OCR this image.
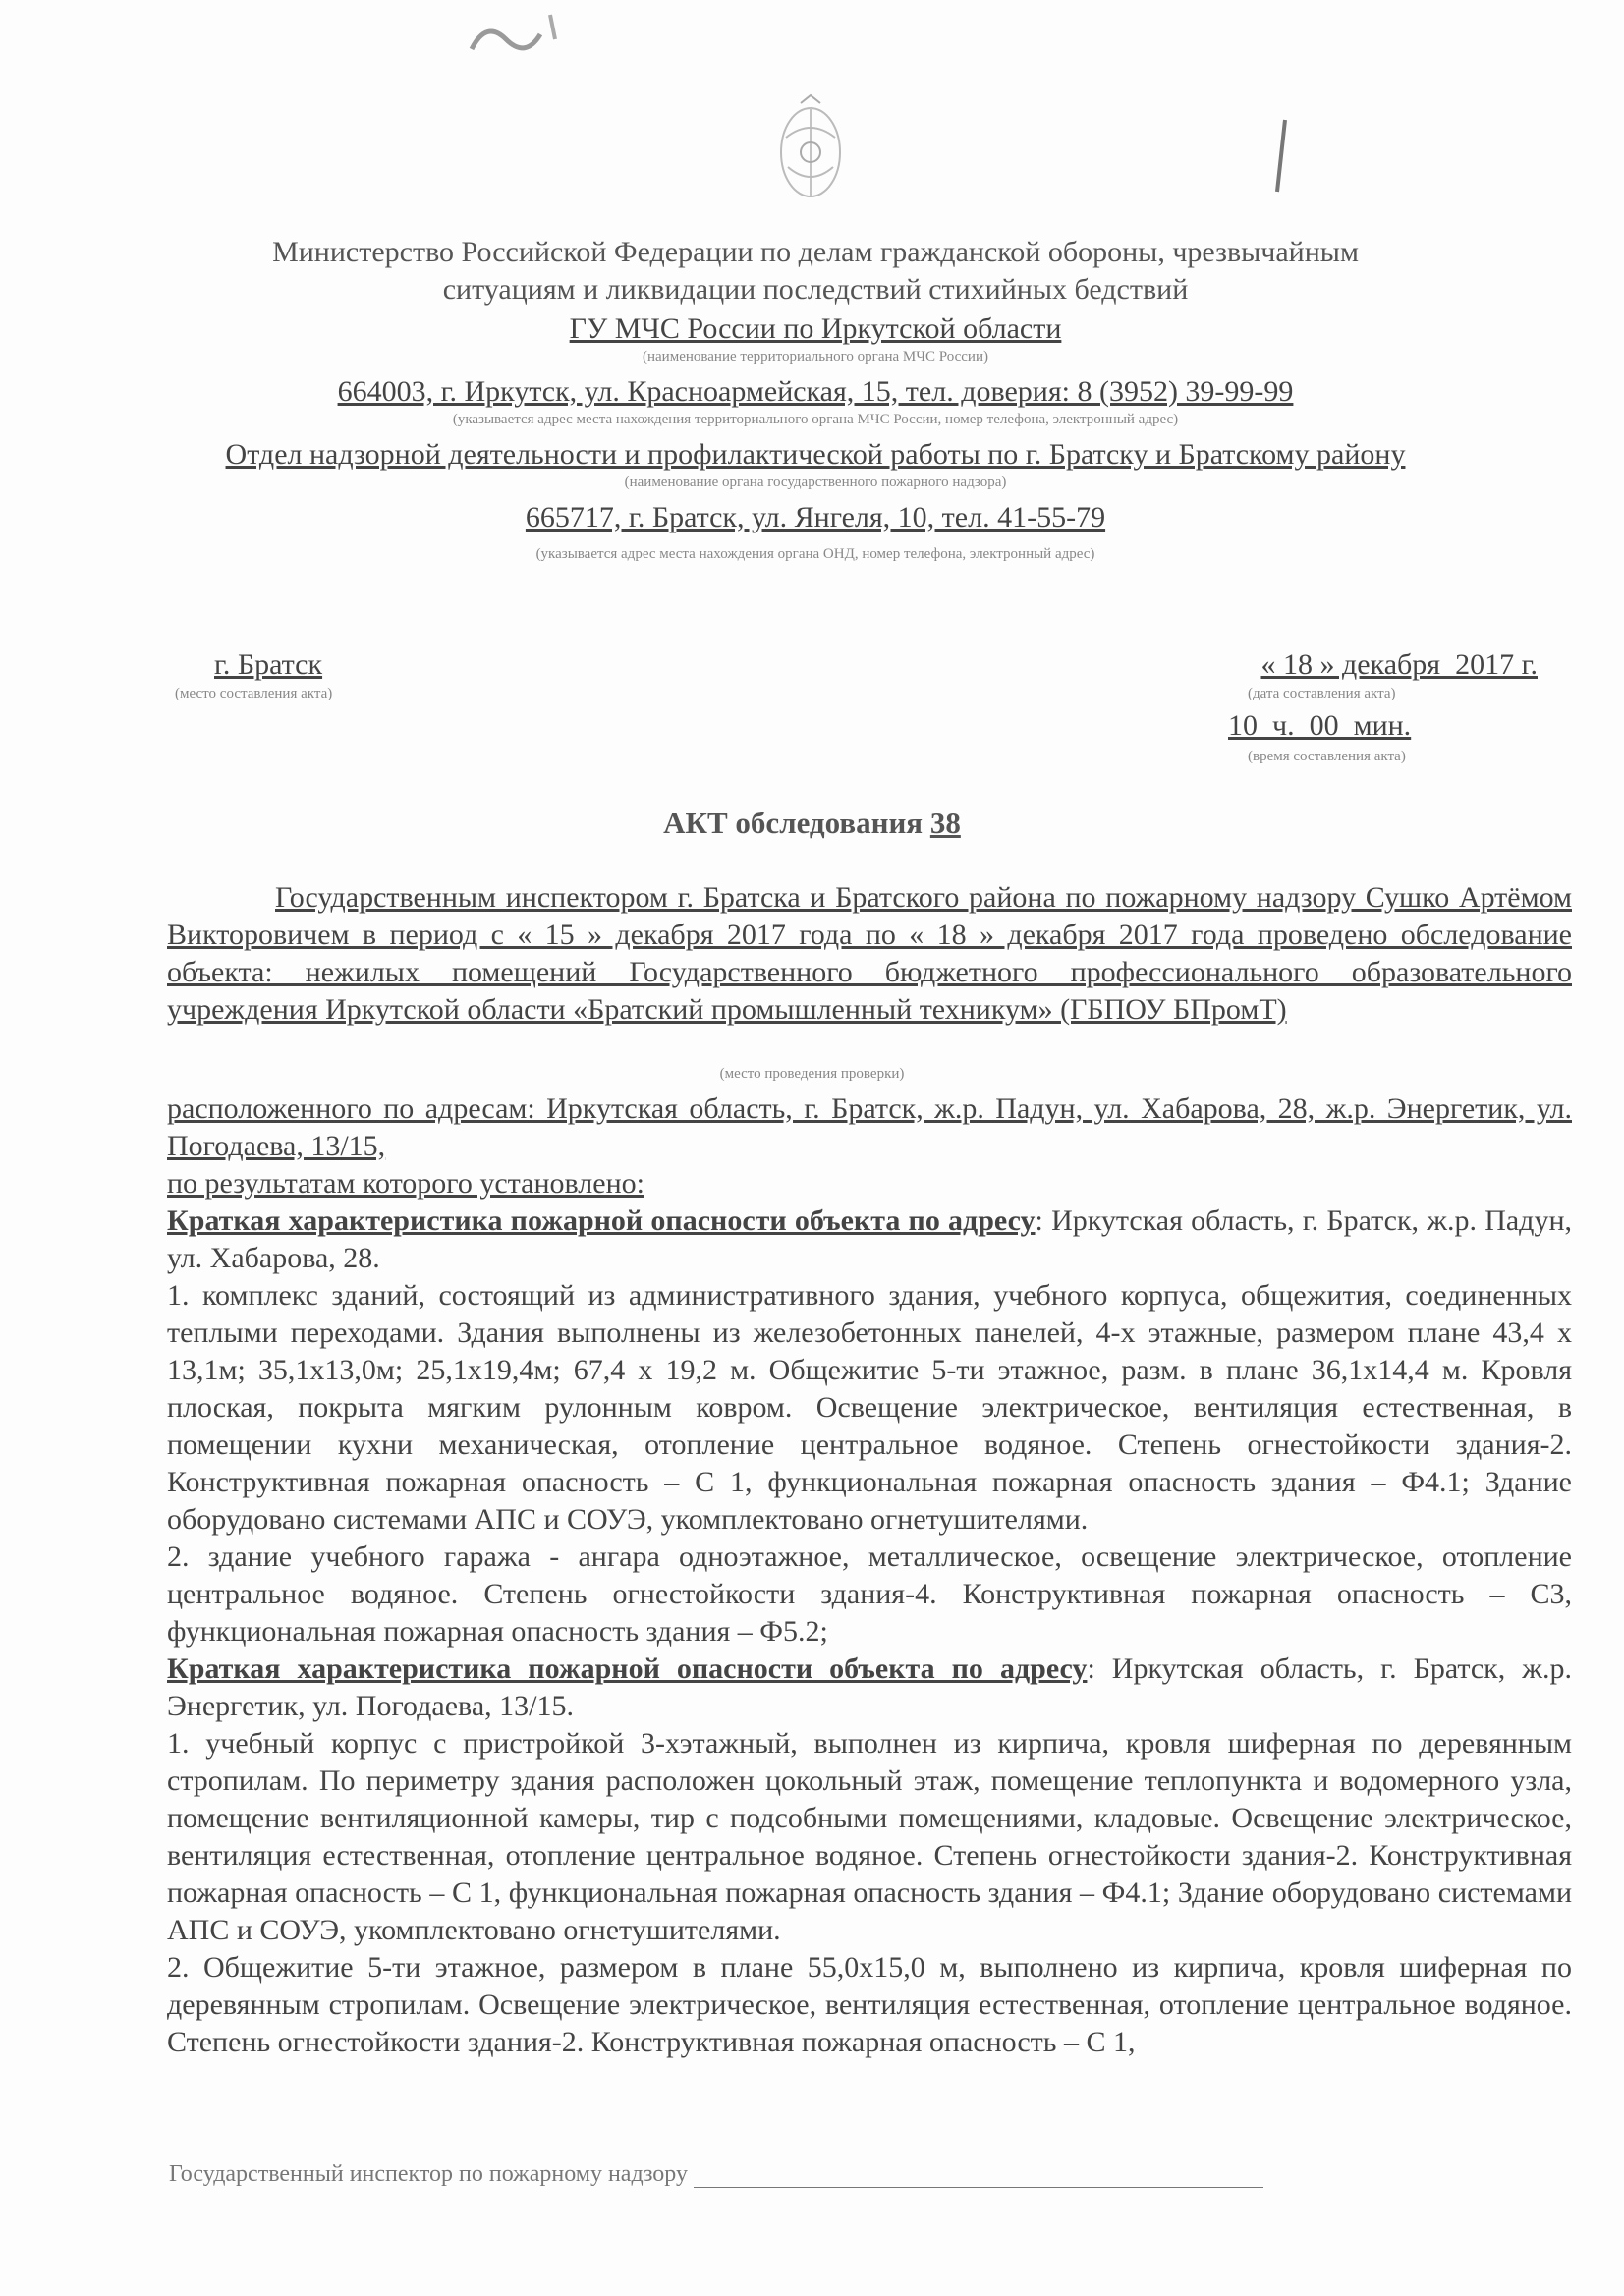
Министерство Российской Федерации по делам гражданской обороны, чрезвычайным
ситуациям и ликвидации последствий стихийных бедствий
ГУ МЧС России по Иркутской области
(наименование территориального органа МЧС России)
664003, г. Иркутск, ул. Красноармейская, 15, тел. доверия: 8 (3952) 39-99-99
(указывается адрес места нахождения территориального органа МЧС России, номер телефона, электронный адрес)
Отдел надзорной деятельности и профилактической работы по г. Братску и Братскому району
(наименование органа государственного пожарного надзора)
665717, г. Братск, ул. Янгеля, 10, тел. 41-55-79
(указывается адрес места нахождения органа ОНД, номер телефона, электронный адрес)
г. Братск
(место составления акта)
« 18 » декабря  2017 г.
(дата составления акта)
10  ч.  00  мин.
(время составления акта)
АКТ обследования 38
Государственным инспектором г. Братска и Братского района по пожарному надзору Сушко Артёмом Викторовичем в период с « 15 » декабря 2017 года по « 18 » декабря 2017 года проведено обследование объекта: нежилых помещений Государственного бюджетного профессионального образовательного учреждения Иркутской области «Братский промышленный техникум» (ГБПОУ БПромТ)
(место проведения проверки)

расположенного по адресам: Иркутская область, г. Братск, ж.р. Падун, ул. Хабарова, 28, ж.р. Энергетик, ул. Погодаева, 13/15,

по результатам которого установлено:

Краткая характеристика пожарной опасности объекта по адресу: Иркутская область, г. Братск, ж.р. Падун, ул. Хабарова, 28.

1. комплекс зданий, состоящий из административного здания, учебного корпуса, общежития, соединенных теплыми переходами. Здания выполнены из железобетонных панелей, 4-х этажные, размером плане 43,4 х 13,1м; 35,1х13,0м; 25,1х19,4м; 67,4 х 19,2 м. Общежитие 5-ти этажное, разм. в плане 36,1х14,4 м. Кровля плоская, покрыта мягким рулонным ковром. Освещение электрическое, вентиляция естественная, в помещении кухни механическая, отопление центральное водяное. Степень огнестойкости здания-2. Конструктивная пожарная опасность – С 1, функциональная пожарная опасность здания – Ф4.1; Здание оборудовано системами АПС и СОУЭ, укомплектовано огнетушителями.

2. здание учебного гаража - ангара одноэтажное, металлическое, освещение электрическое, отопление центральное водяное. Степень огнестойкости здания-4. Конструктивная пожарная опасность – С3, функциональная пожарная опасность здания – Ф5.2;

Краткая характеристика пожарной опасности объекта по адресу: Иркутская область, г. Братск, ж.р. Энергетик, ул. Погодаева, 13/15.

1. учебный корпус с пристройкой 3-хэтажный, выполнен из кирпича, кровля шиферная по деревянным стропилам. По периметру здания расположен цокольный этаж, помещение теплопункта и водомерного узла, помещение вентиляционной камеры, тир с подсобными помещениями, кладовые. Освещение электрическое, вентиляция естественная, отопление центральное водяное. Степень огнестойкости здания-2. Конструктивная пожарная опасность – С 1, функциональная пожарная опасность здания – Ф4.1; Здание оборудовано системами АПС и СОУЭ, укомплектовано огнетушителями.

2. Общежитие 5-ти этажное, размером в плане 55,0х15,0 м, выполнено из кирпича, кровля шиферная по деревянным стропилам. Освещение электрическое, вентиляция естественная, отопление центральное водяное. Степень огнестойкости здания-2. Конструктивная пожарная опасность – С 1,

Государственный инспектор по пожарному надзору
